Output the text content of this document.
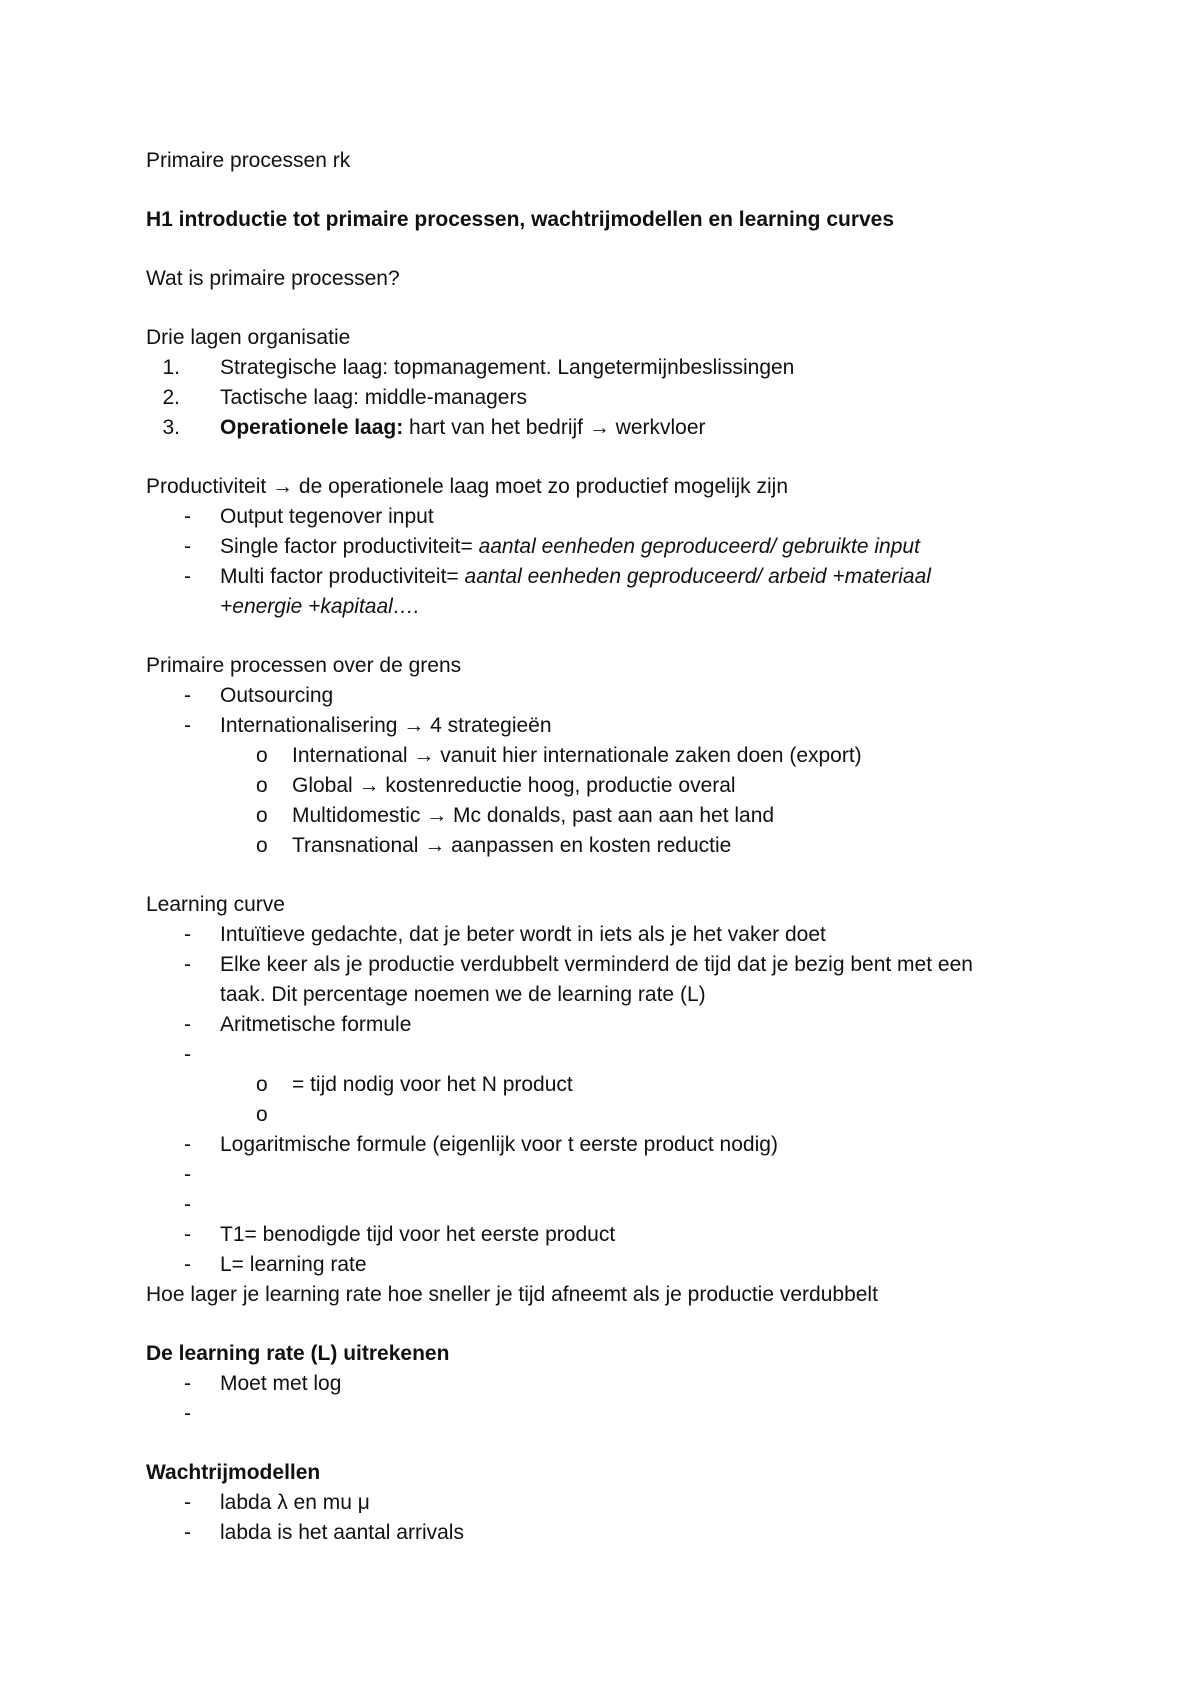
Primaire processen rk
H1 introductie tot primaire processen, wachtrijmodellen en learning curves
Wat is primaire processen?
Drie lagen organisatie
1.	Strategische laag: topmanagement. Langetermijnbeslissingen
2.	Tactische laag: middle-managers
3.	Operationele laag: hart van het bedrijf → werkvloer
Productiviteit → de operationele laag moet zo productief mogelijk zijn
-	Output tegenover input
-	Single factor productiviteit= aantal eenheden geproduceerd/ gebruikte input
-	Multi factor productiviteit= aantal eenheden geproduceerd/ arbeid +materiaal
+energie +kapitaal….
Primaire processen over de grens
-	Outsourcing
-	Internationalisering → 4 strategieën
o	International → vanuit hier internationale zaken doen (export)
o	Global → kostenreductie hoog, productie overal
o	Multidomestic → Mc donalds, past aan aan het land
o	Transnational → aanpassen en kosten reductie
Learning curve
-	Intuïtieve gedachte, dat je beter wordt in iets als je het vaker doet
-	Elke keer als je productie verdubbelt verminderd de tijd dat je bezig bent met een
taak. Dit percentage noemen we de learning rate (L)
-	Aritmetische formule
-
o	= tijd nodig voor het N product
o
-	Logaritmische formule (eigenlijk voor t eerste product nodig)
-
-
-	T1= benodigde tijd voor het eerste product
-	L= learning rate
Hoe lager je learning rate hoe sneller je tijd afneemt als je productie verdubbelt
De learning rate (L) uitrekenen
-	Moet met log
-
Wachtrijmodellen
-	labda λ en mu μ
-	labda is het aantal arrivals
